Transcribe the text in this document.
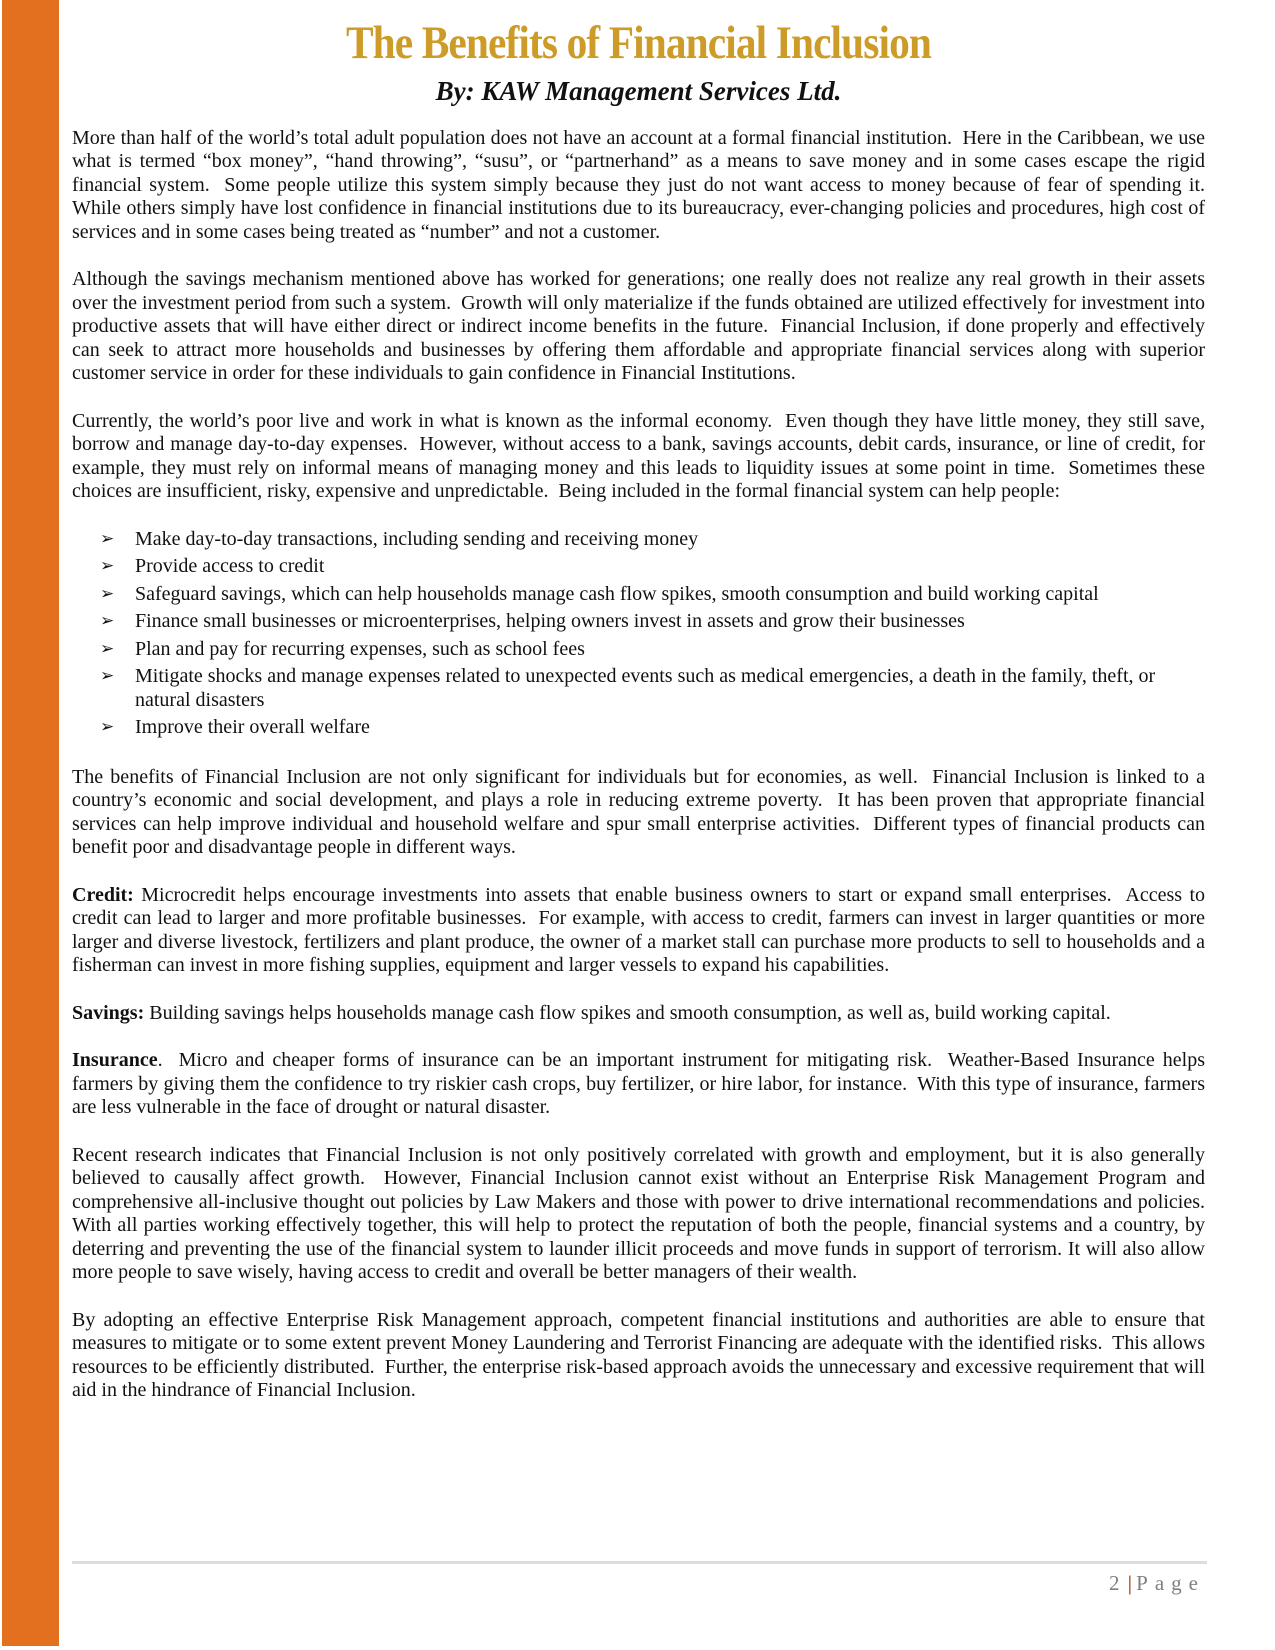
The Benefits of Financial Inclusion
By: KAW Management Services Ltd.

More than half of the world’s total adult population does not have an account at a formal financial institution.  Here in the Caribbean, we use what is termed “box money”, “hand throwing”, “susu”, or “partnerhand” as a means to save money and in some cases escape the rigid financial system.  Some people utilize this system simply because they just do not want access to money because of fear of spending it.  While others simply have lost confidence in financial institutions due to its bureaucracy, ever-changing policies and procedures, high cost of services and in some cases being treated as “number” and not a customer.

Although the savings mechanism mentioned above has worked for generations; one really does not realize any real growth in their assets over the investment period from such a system.  Growth will only materialize if the funds obtained are utilized effectively for investment into productive assets that will have either direct or indirect income benefits in the future.  Financial Inclusion, if done properly and effectively can seek to attract more households and businesses by offering them affordable and appropriate financial services along with superior customer service in order for these individuals to gain confidence in Financial Institutions.

Currently, the world’s poor live and work in what is known as the informal economy.  Even though they have little money, they still save, borrow and manage day-to-day expenses.  However, without access to a bank, savings accounts, debit cards, insurance, or line of credit, for example, they must rely on informal means of managing money and this leads to liquidity issues at some point in time.  Sometimes these choices are insufficient, risky, expensive and unpredictable.  Being included in the formal financial system can help people:

➢ Make day-to-day transactions, including sending and receiving money
➢ Provide access to credit
➢ Safeguard savings, which can help households manage cash flow spikes, smooth consumption and build working capital
➢ Finance small businesses or microenterprises, helping owners invest in assets and grow their businesses
➢ Plan and pay for recurring expenses, such as school fees
➢ Mitigate shocks and manage expenses related to unexpected events such as medical emergencies, a death in the family, theft, or natural disasters
➢ Improve their overall welfare

The benefits of Financial Inclusion are not only significant for individuals but for economies, as well.  Financial Inclusion is linked to a country’s economic and social development, and plays a role in reducing extreme poverty.  It has been proven that appropriate financial services can help improve individual and household welfare and spur small enterprise activities.  Different types of financial products can benefit poor and disadvantage people in different ways.

Credit: Microcredit helps encourage investments into assets that enable business owners to start or expand small enterprises.  Access to credit can lead to larger and more profitable businesses.  For example, with access to credit, farmers can invest in larger quantities or more larger and diverse livestock, fertilizers and plant produce, the owner of a market stall can purchase more products to sell to households and a fisherman can invest in more fishing supplies, equipment and larger vessels to expand his capabilities.

Savings: Building savings helps households manage cash flow spikes and smooth consumption, as well as, build working capital.

Insurance.  Micro and cheaper forms of insurance can be an important instrument for mitigating risk.  Weather-Based Insurance helps farmers by giving them the confidence to try riskier cash crops, buy fertilizer, or hire labor, for instance.  With this type of insurance, farmers are less vulnerable in the face of drought or natural disaster.

Recent research indicates that Financial Inclusion is not only positively correlated with growth and employment, but it is also generally believed to causally affect growth.  However, Financial Inclusion cannot exist without an Enterprise Risk Management Program and comprehensive all-inclusive thought out policies by Law Makers and those with power to drive international recommendations and policies.  With all parties working effectively together, this will help to protect the reputation of both the people, financial systems and a country, by deterring and preventing the use of the financial system to launder illicit proceeds and move funds in support of terrorism. It will also allow more people to save wisely, having access to credit and overall be better managers of their wealth.

By adopting an effective Enterprise Risk Management approach, competent financial institutions and authorities are able to ensure that measures to mitigate or to some extent prevent Money Laundering and Terrorist Financing are adequate with the identified risks.  This allows resources to be efficiently distributed.  Further, the enterprise risk-based approach avoids the unnecessary and excessive requirement that will aid in the hindrance of Financial Inclusion.

2 | Page
